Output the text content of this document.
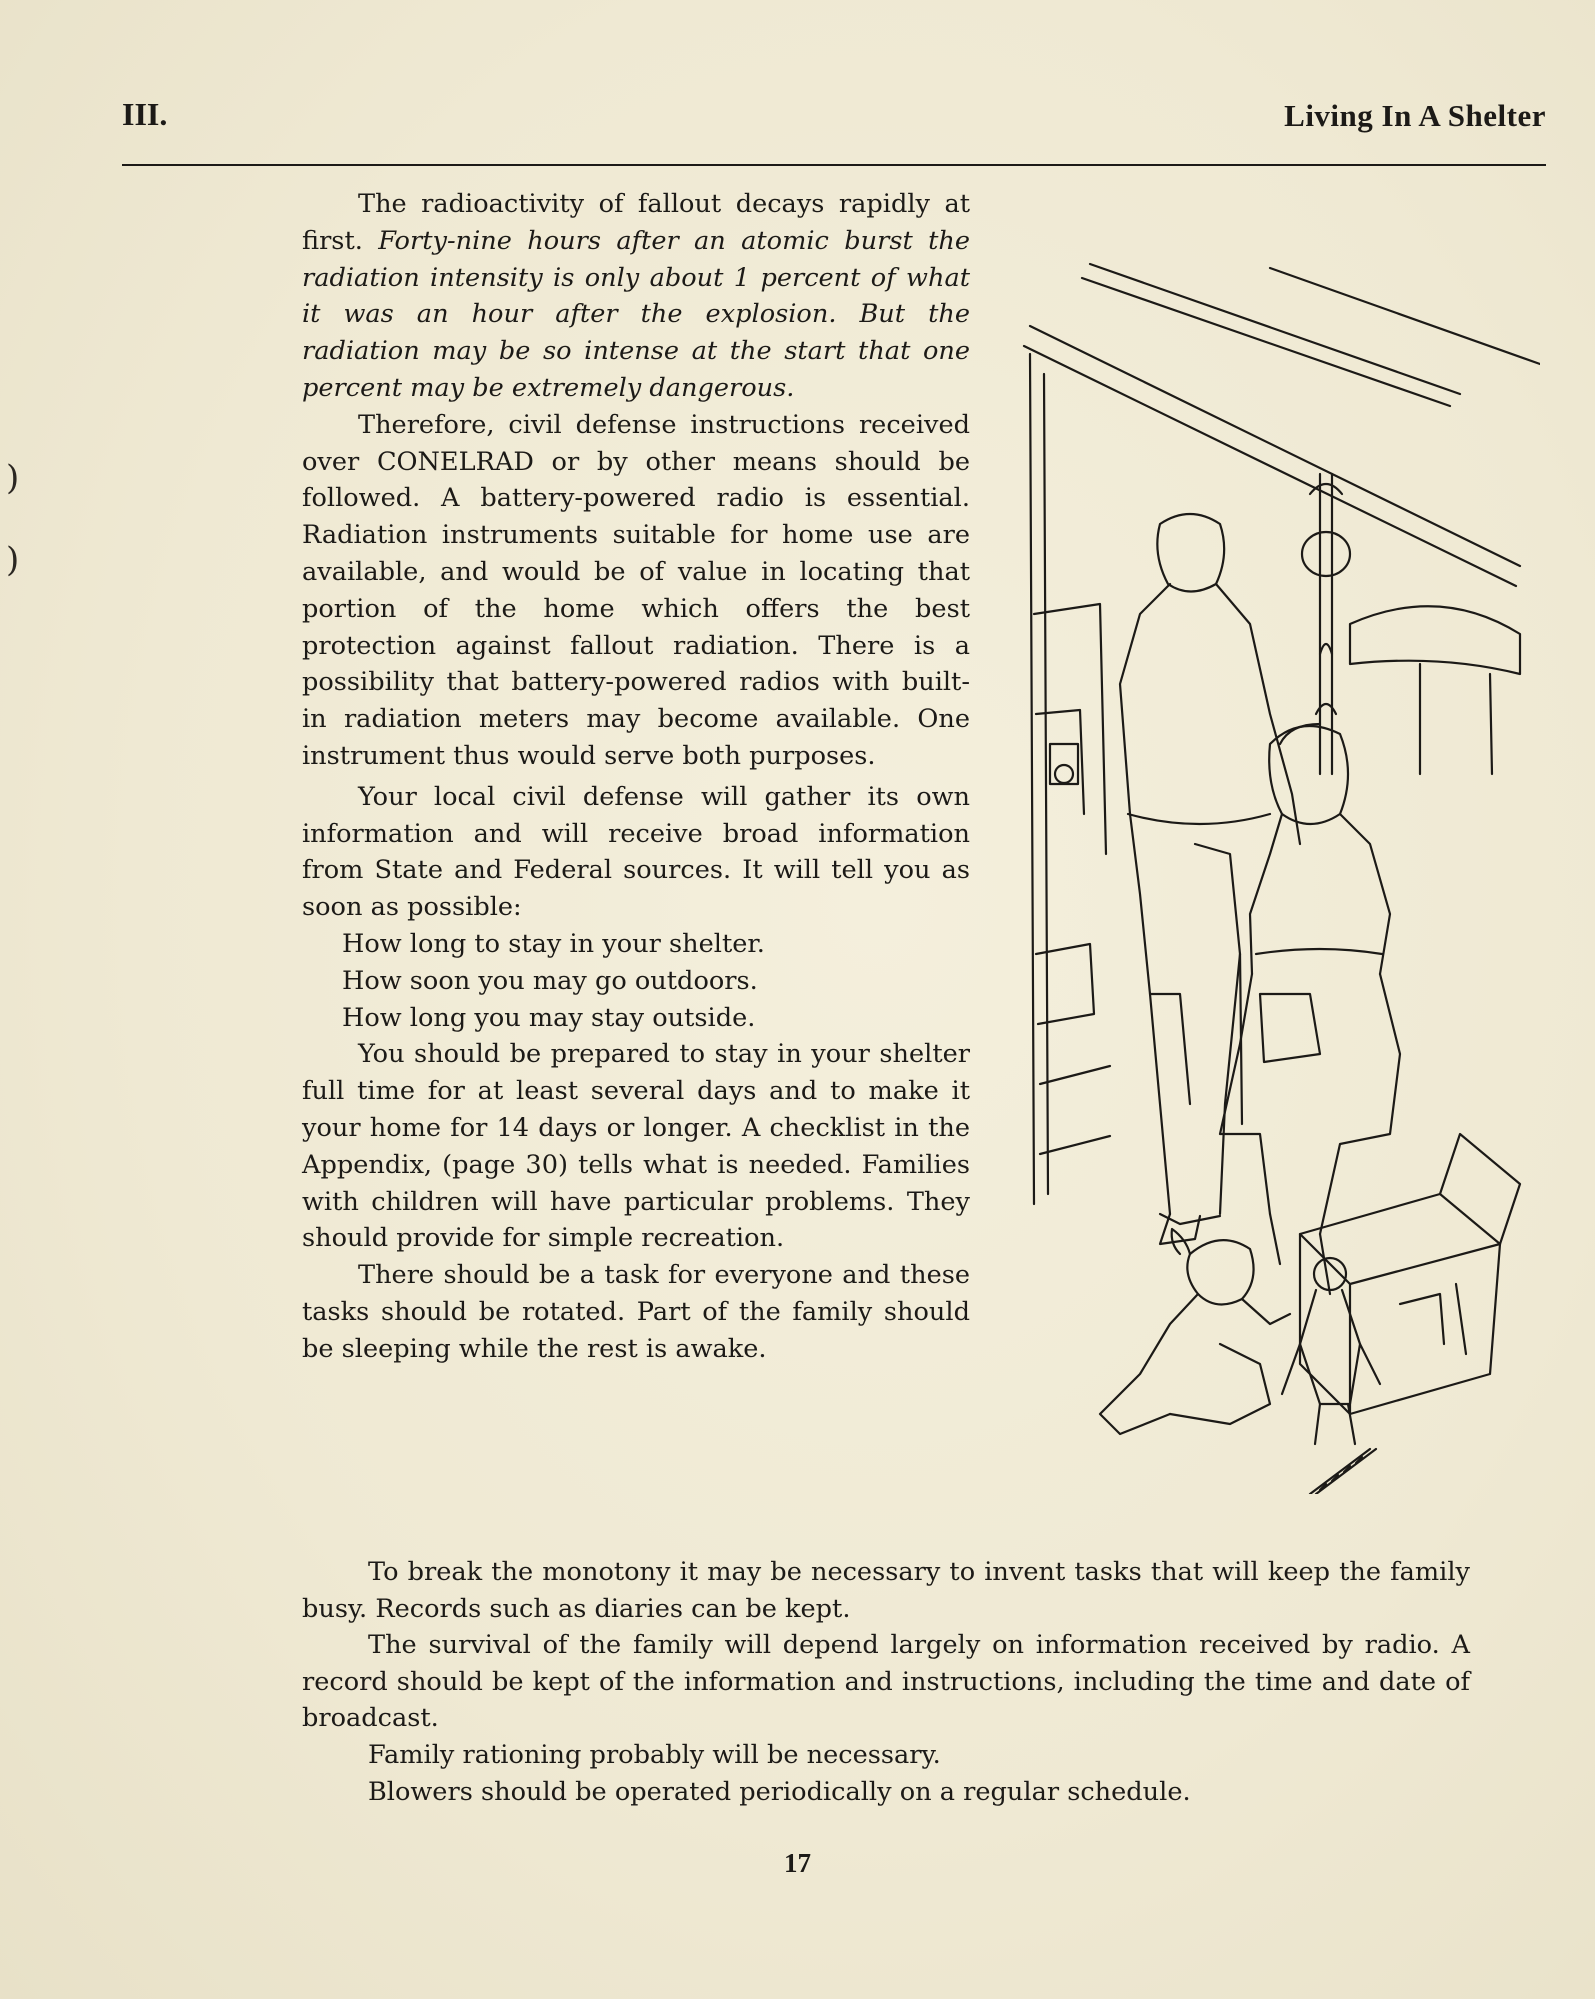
)
)
III.	Living In A Shelter

The radioactivity of fallout decays rapidly at first. Forty-nine hours after an atomic burst the radiation intensity is only about 1 percent of what it was an hour after the explosion. But the radiation may be so intense at the start that one percent may be extremely dangerous.

Therefore, civil defense instructions received over CONELRAD or by other means should be followed. A battery-powered radio is essential. Radiation instruments suitable for home use are available, and would be of value in locating that portion of the home which offers the best protection against fallout radiation. There is a possibility that battery-powered radios with built-in radiation meters may become available. One instrument thus would serve both purposes.

Your local civil defense will gather its own information and will receive broad information from State and Federal sources. It will tell you as soon as possible:

How long to stay in your shelter.

How soon you may go outdoors.

How long you may stay outside.

You should be prepared to stay in your shelter full time for at least several days and to make it your home for 14 days or longer. A checklist in the Appendix, (page 30) tells what is needed. Families with children will have particular problems. They should provide for simple recreation.

There should be a task for everyone and these tasks should be rotated. Part of the family should be sleeping while the rest is awake.

To break the monotony it may be necessary to invent tasks that will keep the family busy. Records such as diaries can be kept.

The survival of the family will depend largely on information received by radio. A record should be kept of the information and instructions, including the time and date of broadcast.

Family rationing probably will be necessary.

Blowers should be operated periodically on a regular schedule.

17
